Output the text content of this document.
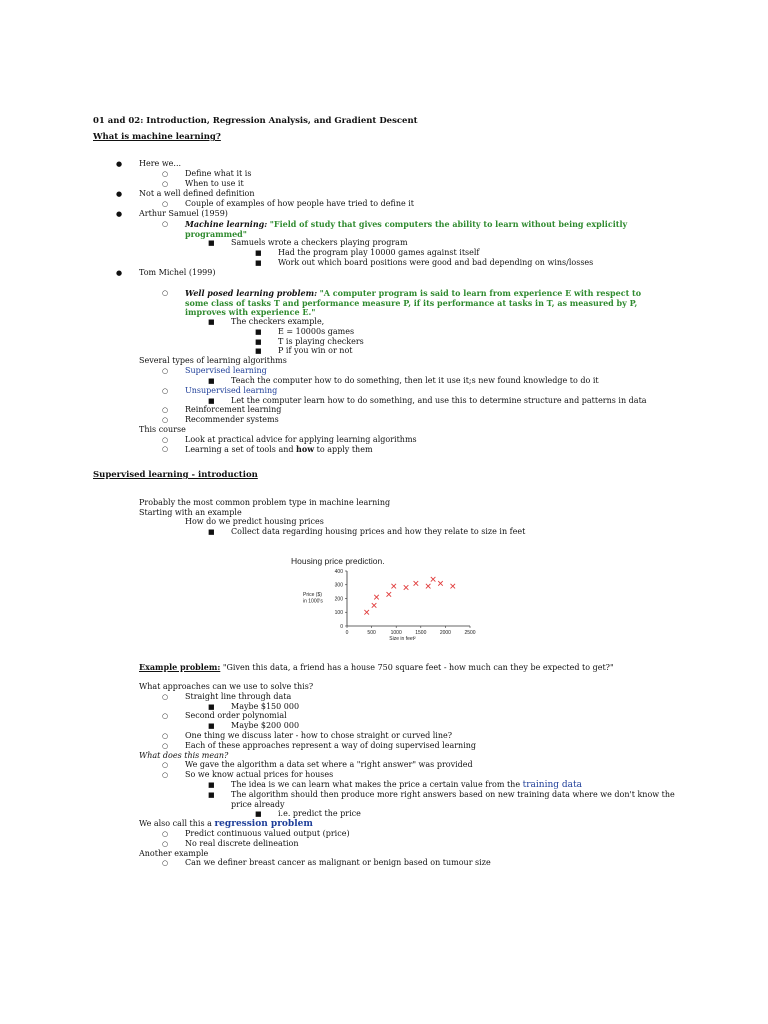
01 and 02: Introduction, Regression Analysis, and Gradient Descent
What is machine learning?
● Here we...
○ Define what it is
○ When to use it
● Not a well defined definition
○ Couple of examples of how people have tried to define it
● Arthur Samuel (1959)
○ Machine learning: "Field of study that gives computers the ability to learn without being explicitly
programmed"
■ Samuels wrote a checkers playing program
■ Had the program play 10000 games against itself
■ Work out which board positions were good and bad depending on wins/losses
● Tom Michel (1999)
○ Well posed learning problem: "A computer program is said to learn from experience E with respect to
some class of tasks T and performance measure P, if its performance at tasks in T, as measured by P,
improves with experience E."
■ The checkers example,
■ E = 10000s games
■ T is playing checkers
■ P if you win or not
Several types of learning algorithms
○ Supervised learning
■ Teach the computer how to do something, then let it use it;s new found knowledge to do it
○ Unsupervised learning
■ Let the computer learn how to do something, and use this to determine structure and patterns in data
○ Reinforcement learning
○ Recommender systems
This course
○ Look at practical advice for applying learning algorithms
○ Learning a set of tools and how to apply them
Supervised learning - introduction
Probably the most common problem type in machine learning
Starting with an example
How do we predict housing prices
■ Collect data regarding housing prices and how they relate to size in feet
Housing price prediction.
0
100
200
300
400
0	500	1000	1500	2000	2500
Price ($)
in 1000's
Size in feet²
Example problem: "Given this data, a friend has a house 750 square feet - how much can they be expected to get?"
What approaches can we use to solve this?
○ Straight line through data
■ Maybe $150 000
○ Second order polynomial
■ Maybe $200 000
○ One thing we discuss later - how to chose straight or curved line?
○ Each of these approaches represent a way of doing supervised learning
What does this mean?
○ We gave the algorithm a data set where a "right answer" was provided
○ So we know actual prices for houses
■ The idea is we can learn what makes the price a certain value from the training data
■ The algorithm should then produce more right answers based on new training data where we don't know the
price already
■ i.e. predict the price
We also call this a regression problem
○ Predict continuous valued output (price)
○ No real discrete delineation
Another example
○ Can we definer breast cancer as malignant or benign based on tumour size
